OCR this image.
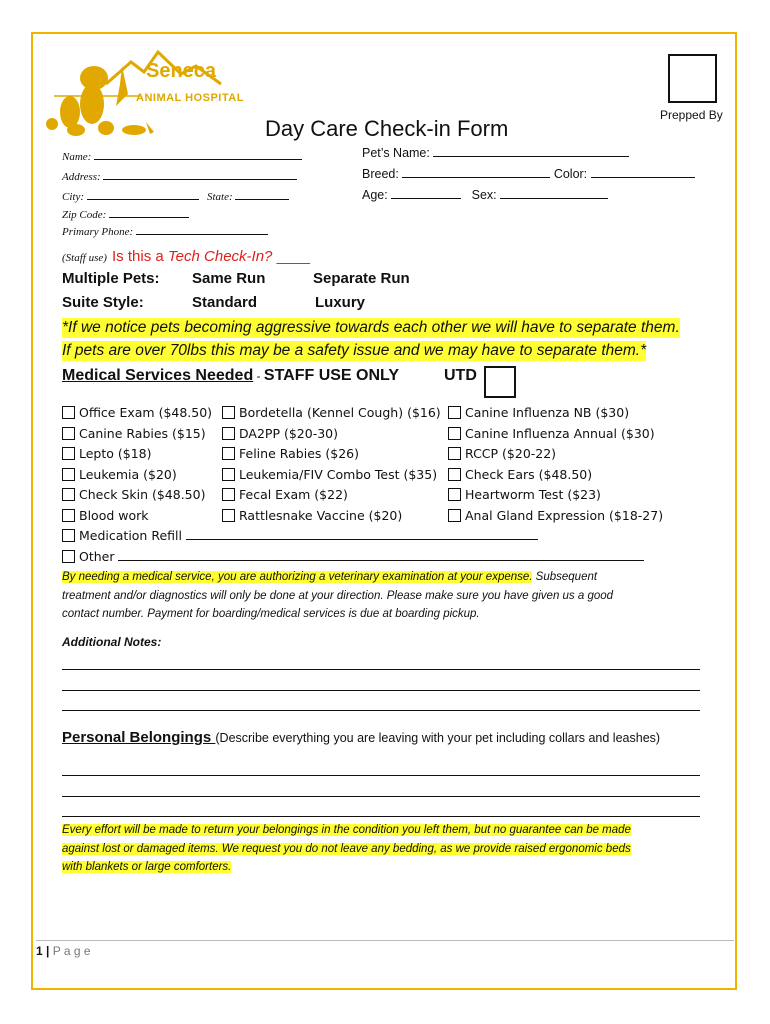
Seneca
ANIMAL HOSPITAL
Prepped By
Day Care Check-in Form
Name:
Address:
City:	State:
Zip Code:
Primary Phone:
Pet’s Name:
Breed:	Color:
Age:	Sex:
(Staff use) Is this a Tech Check-In? ____
Multiple Pets: Same Run	Separate Run
Suite Style:	Standard	Luxury
*If we notice pets becoming aggressive towards each other we will have to separate them.
If pets are over 70lbs this may be a safety issue and we may have to separate them.*
Medical Services Needed - STAFF USE ONLY	UTD
Office Exam ($48.50)
Canine Rabies ($15)
Lepto ($18)
Leukemia ($20)
Check Skin ($48.50)
Blood work
Medication Refill
Other
Bordetella (Kennel Cough) ($16)
DA2PP ($20-30)
Feline Rabies ($26)
Leukemia/FIV Combo Test ($35)
Fecal Exam ($22)
Rattlesnake Vaccine ($20)
Canine Influenza NB ($30)
Canine Influenza Annual ($30)
RCCP ($20-22)
Check Ears ($48.50)
Heartworm Test ($23)
Anal Gland Expression ($18-27)
By needing a medical service, you are authorizing a veterinary examination at your expense. Subsequent
treatment and/or diagnostics will only be done at your direction. Please make sure you have given us a good
contact number. Payment for boarding/medical services is due at boarding pickup.
Additional Notes:
Personal Belongings (Describe everything you are leaving with your pet including collars and leashes)
Every effort will be made to return your belongings in the condition you left them, but no guarantee can be made
against lost or damaged items. We request you do not leave any bedding, as we provide raised ergonomic beds
with blankets or large comforters.
1 | P a g e
